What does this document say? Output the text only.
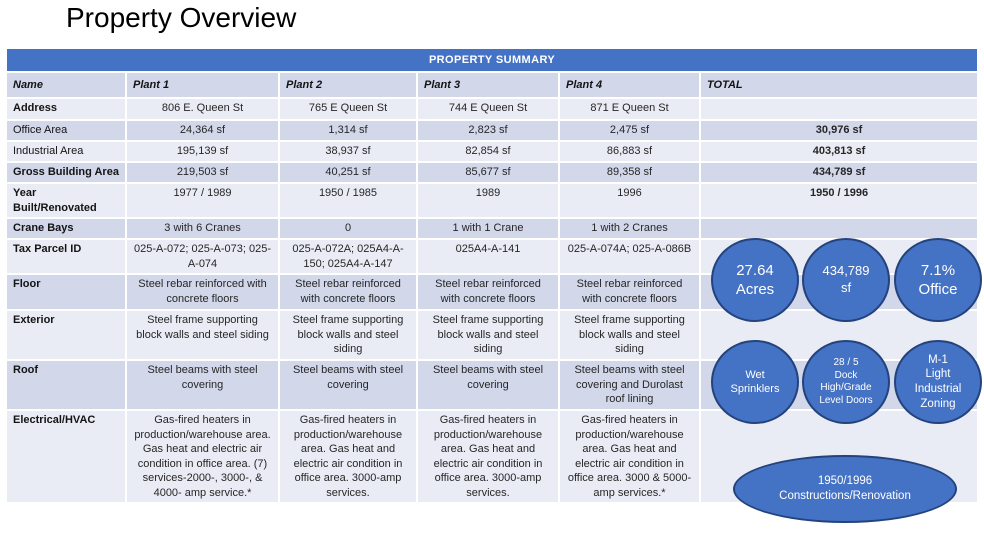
Property Overview
PROPERTY SUMMARY					
Name	Plant 1	Plant 2	Plant 3	Plant 4	TOTAL
Address	806 E. Queen St	765 E Queen St	744 E Queen St	871 E Queen St	
Office Area	24,364 sf	1,314 sf	2,823 sf	2,475 sf	30,976 sf
Industrial Area	195,139 sf	38,937 sf	82,854 sf	86,883 sf	403,813 sf
Gross Building Area	219,503 sf	40,251 sf	85,677 sf	89,358 sf	434,789 sf
Year Built/Renovated	1977 / 1989	1950 / 1985	1989	1996	1950 / 1996
Crane Bays	3 with 6 Cranes	0	1 with 1 Crane	1 with 2 Cranes	
Tax Parcel ID	025-A-072; 025-A-073; 025-A-074	025-A-072A; 025A4-A-150; 025A4-A-147	025A4-A-141	025-A-074A; 025-A-086B	
Floor	Steel rebar reinforced with concrete floors	Steel rebar reinforced with concrete floors	Steel rebar reinforced with concrete floors	Steel rebar reinforced with concrete floors	
Exterior	Steel frame supporting block walls and steel siding	Steel frame supporting block walls and steel siding	Steel frame supporting block walls and steel siding	Steel frame supporting block walls and steel siding	
Roof	Steel beams with steel covering	Steel beams with steel covering	Steel beams with steel covering	Steel beams with steel covering and Durolast roof lining	
Electrical/HVAC	Gas-fired heaters in production/warehouse area. Gas heat and electric air condition in office area. (7) services-2000-, 3000-, & 4000- amp service.*	Gas-fired heaters in production/warehouse area. Gas heat and electric air condition in office area. 3000-amp services.	Gas-fired heaters in production/warehouse area. Gas heat and electric air condition in office area. 3000-amp services.	Gas-fired heaters in production/warehouse area. Gas heat and electric air condition in office area. 3000 & 5000-amp services.*	
27.64
Acres
434,789
sf
7.1%
Office
Wet
Sprinklers
28 / 5
Dock
High/Grade
Level Doors
M-1
Light
Industrial
Zoning
1950/1996
Constructions/Renovation
